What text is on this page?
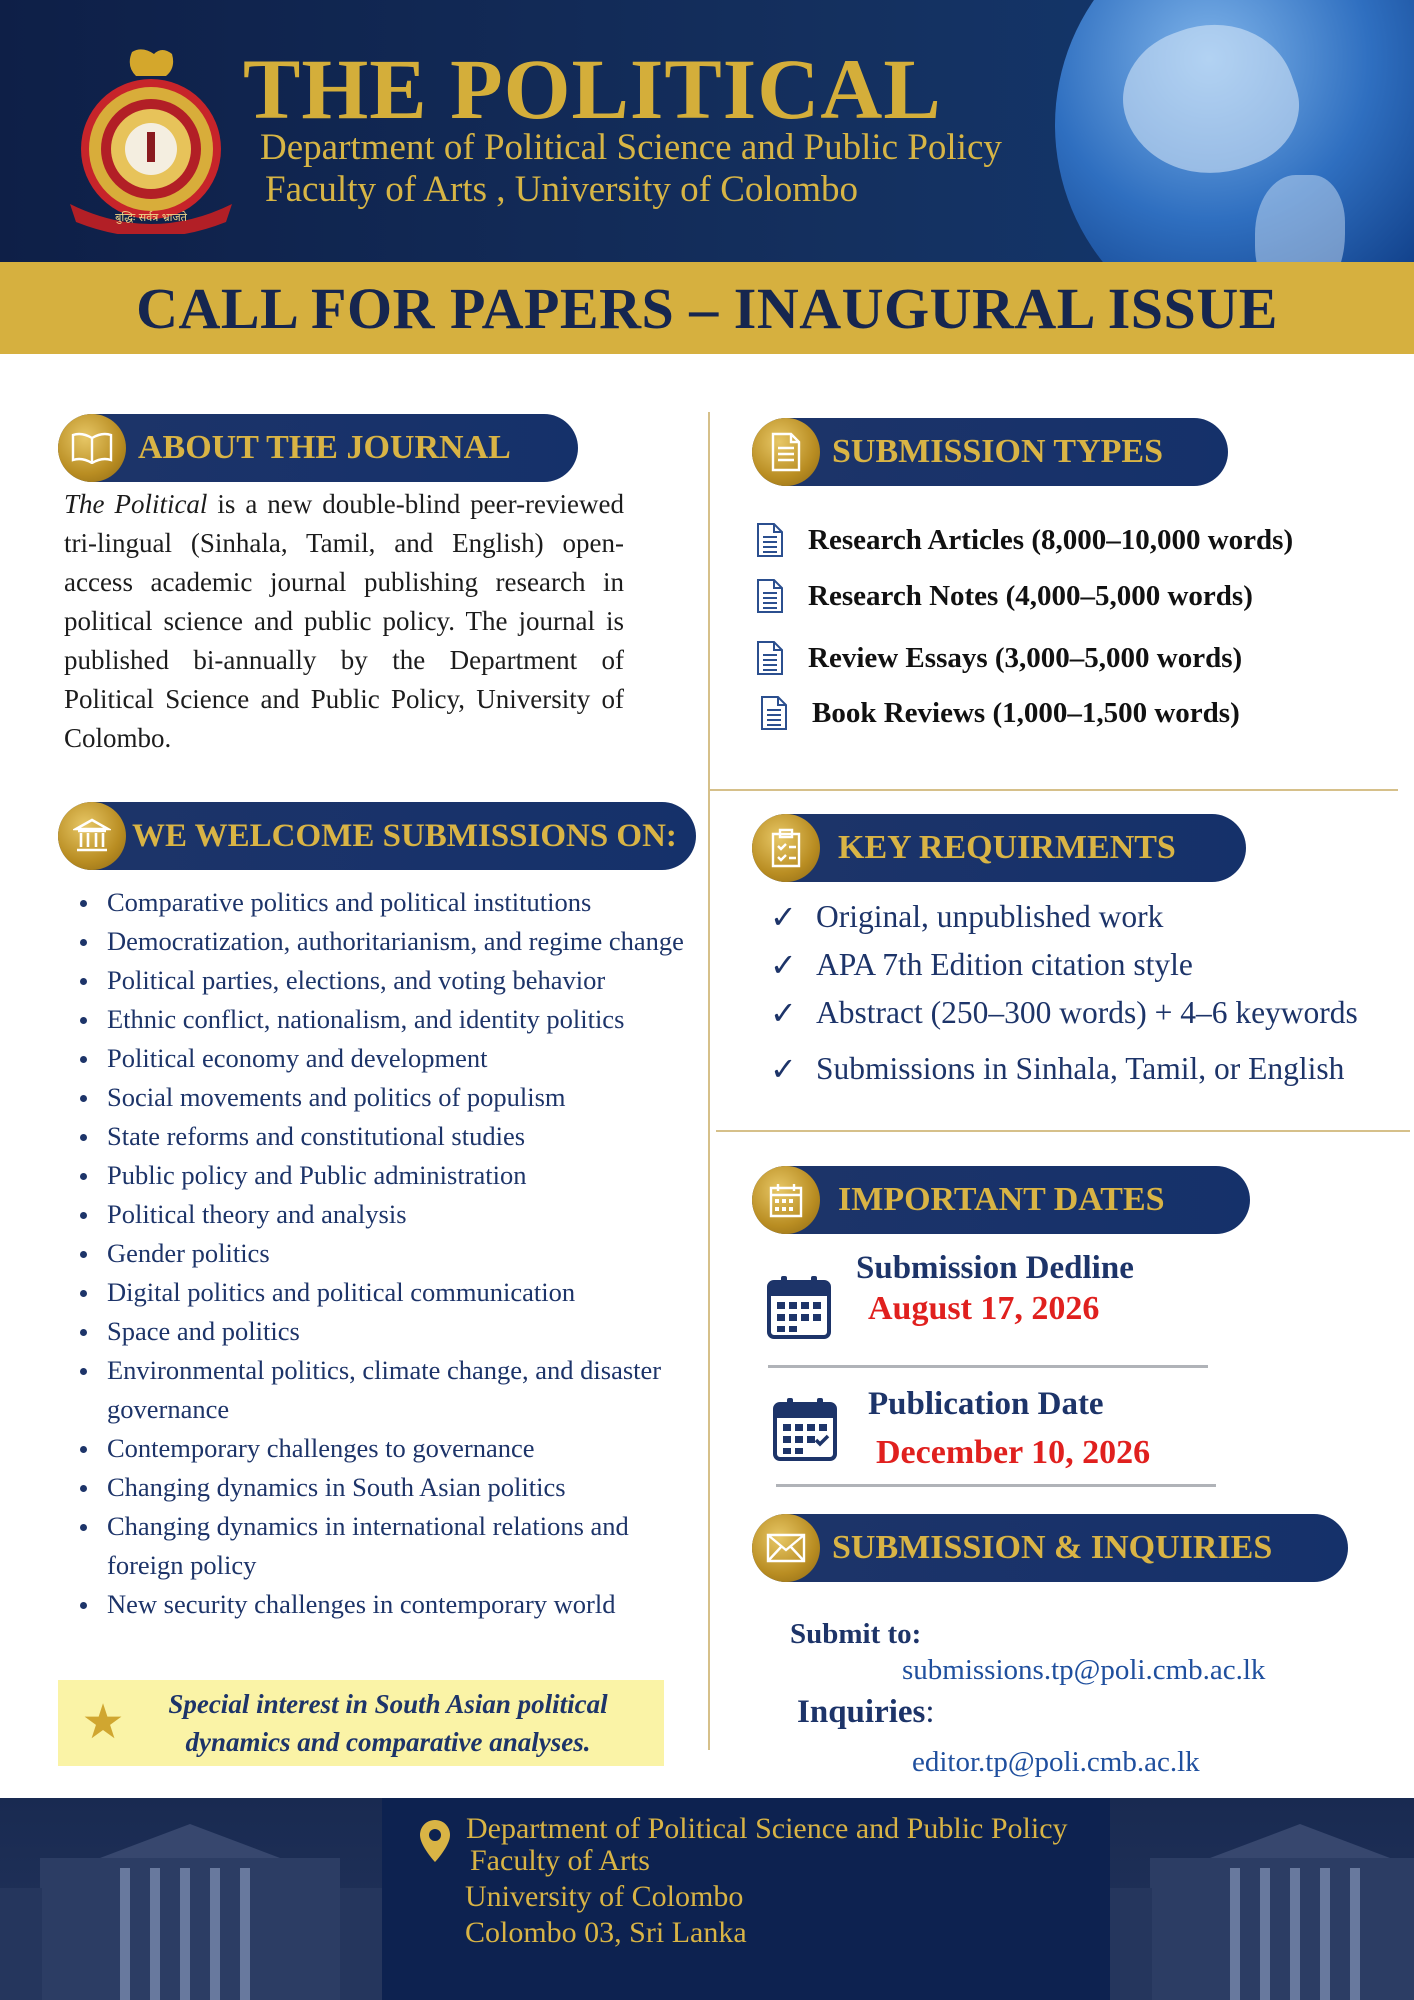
बुद्धिः सर्वत्र भ्राजते
THE POLITICAL
Department of Political Science and Public Policy
Faculty of Arts , University of Colombo
CALL FOR PAPERS – INAUGURAL ISSUE
ABOUT THE JOURNAL

The Political is a new double-blind peer-reviewed tri-lingual (Sinhala, Tamil, and English) open-access academic journal publishing research in political science and public policy. The journal is published bi-annually by the Department of Political Science and Public Policy, University of Colombo.

WE WELCOME SUBMISSIONS ON:
Comparative politics and political institutions
Democratization, authoritarianism, and regime change
Political parties, elections, and voting behavior
Ethnic conflict, nationalism, and identity politics
Political economy and development
Social movements and politics of populism
State reforms and constitutional studies
Public policy and Public administration
Political theory and analysis
Gender politics
Digital politics and political communication
Space and politics
Environmental politics, climate change, and disaster governance
Contemporary challenges to governance
Changing dynamics in South Asian politics
Changing dynamics in international relations and foreign policy
New security challenges in contemporary world
★	Special interest in South Asian political
dynamics and comparative analyses.
SUBMISSION TYPES
Research Articles (8,000–10,000 words)
Research Notes (4,000–5,000 words)
Review Essays (3,000–5,000 words)
Book Reviews (1,000–1,500 words)
KEY REQUIRMENTS
✓ Original, unpublished work
✓ APA 7th Edition citation style
✓ Abstract (250–300 words) + 4–6 keywords
✓ Submissions in Sinhala, Tamil, or English
IMPORTANT DATES
Submission Dedline
August 17, 2026
Publication Date
December 10, 2026
SUBMISSION & INQUIRIES
Submit to:
submissions.tp@poli.cmb.ac.lk
Inquiries:
editor.tp@poli.cmb.ac.lk
Department of Political Science and Public Policy
Faculty of Arts
University of Colombo
Colombo 03, Sri Lanka
